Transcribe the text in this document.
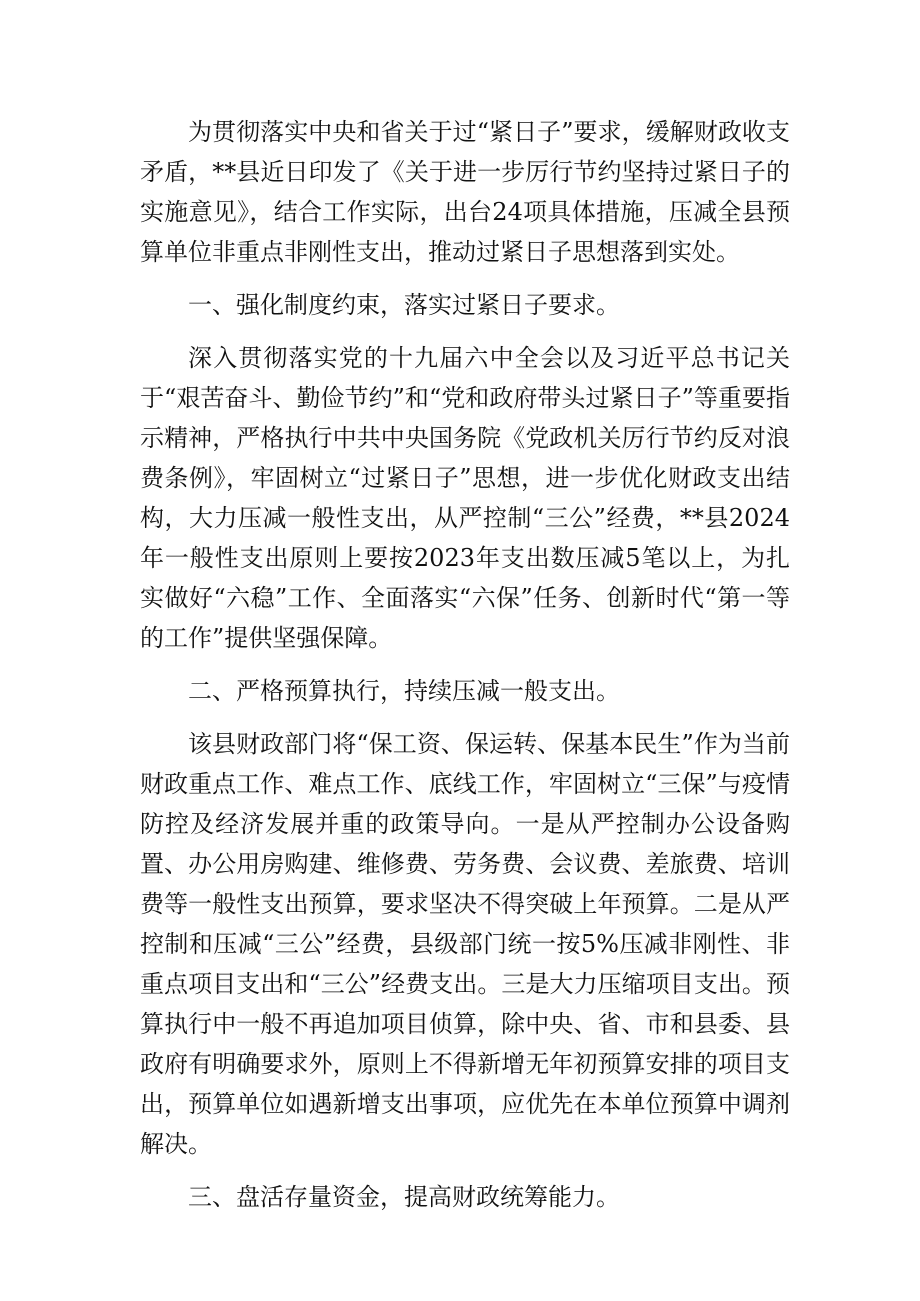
为贯彻落实中央和省关于过“紧日子”要求，缓解财政收支矛盾，**县近日印发了《关于进一步厉行节约坚持过紧日子的实施意见》，结合工作实际，出台24项具体措施，压减全县预算单位非重点非刚性支出，推动过紧日子思想落到实处。

一、强化制度约束，落实过紧日子要求。

深入贯彻落实党的十九届六中全会以及习近平总书记关于“艰苦奋斗、勤俭节约”和“党和政府带头过紧日子”等重要指示精神，严格执行中共中央国务院《党政机关厉行节约反对浪费条例》，牢固树立“过紧日子”思想，进一步优化财政支出结构，大力压减一般性支出，从严控制“三公”经费，**县2024年一般性支出原则上要按2023年支出数压减5笔以上，为扎实做好“六稳”工作、全面落实“六保”任务、创新时代“第一等的工作”提供坚强保障。

二、严格预算执行，持续压减一般支出。

该县财政部门将“保工资、保运转、保基本民生”作为当前财政重点工作、难点工作、底线工作，牢固树立“三保”与疫情防控及经济发展并重的政策导向。一是从严控制办公设备购置、办公用房购建、维修费、劳务费、会议费、差旅费、培训费等一般性支出预算，要求坚决不得突破上年预算。二是从严控制和压减“三公”经费，县级部门统一按5%压减非刚性、非重点项目支出和“三公”经费支出。三是大力压缩项目支出。预算执行中一般不再追加项目侦算，除中央、省、市和县委、县政府有明确要求外，原则上不得新增无年初预算安排的项目支出，预算单位如遇新增支出事项，应优先在本单位预算中调剂解决。

三、盘活存量资金，提高财政统筹能力。
